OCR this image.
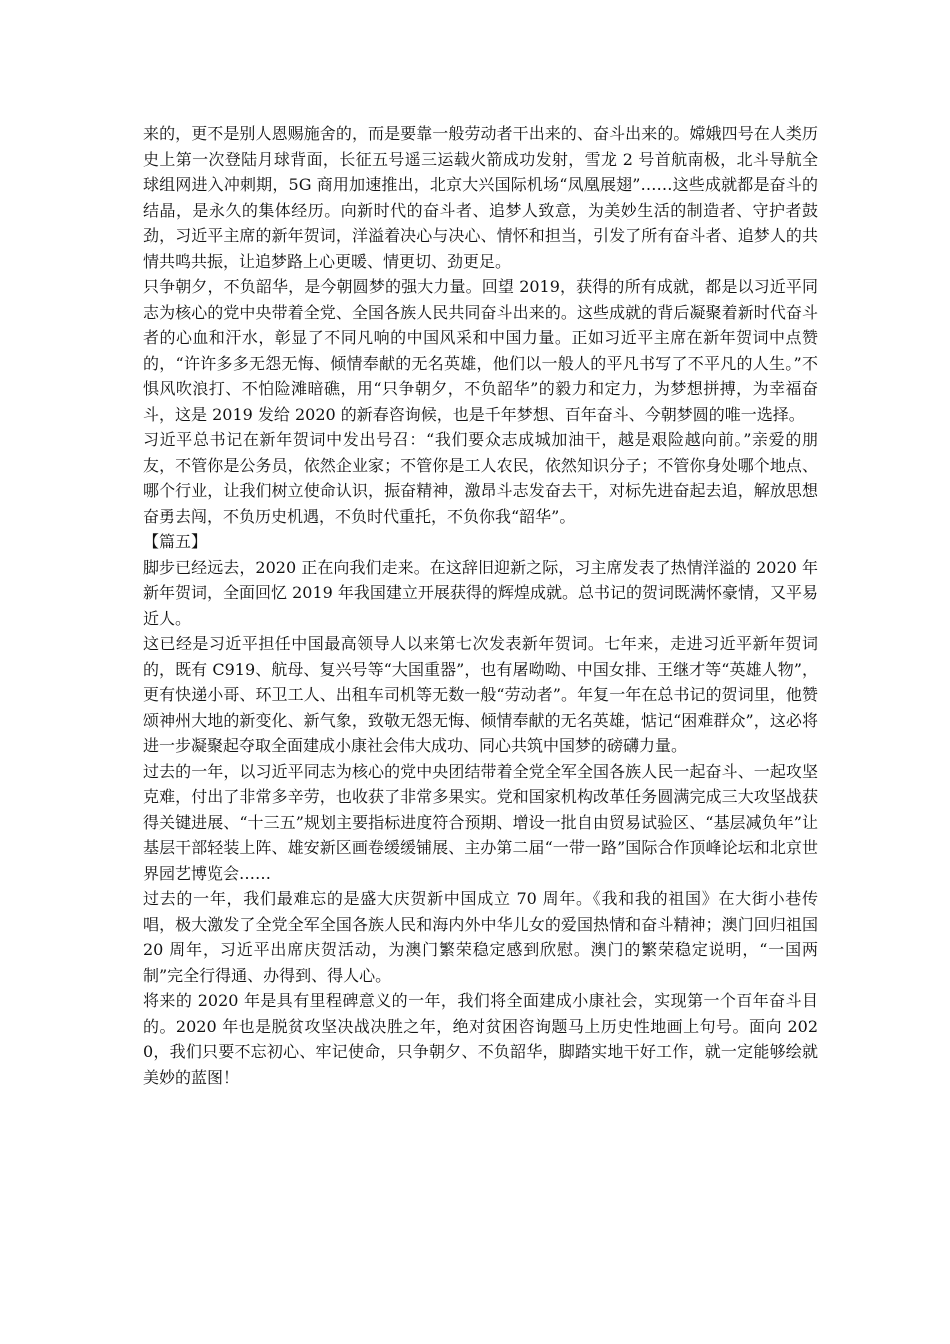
来的，更不是别人恩赐施舍的，而是要靠一般劳动者干出来的、奋斗出来的。嫦娥四号在人类历史上第一次登陆月球背面，长征五号遥三运载火箭成功发射，雪龙 2 号首航南极，北斗导航全球组网进入冲刺期，5G 商用加速推出，北京大兴国际机场“凤凰展翅”……这些成就都是奋斗的结晶，是永久的集体经历。向新时代的奋斗者、追梦人致意，为美妙生活的制造者、守护者鼓劲，习近平主席的新年贺词，洋溢着决心与决心、情怀和担当，引发了所有奋斗者、追梦人的共情共鸣共振，让追梦路上心更暖、情更切、劲更足。

只争朝夕，不负韶华，是今朝圆梦的强大力量。回望 2019，获得的所有成就，都是以习近平同志为核心的党中央带着全党、全国各族人民共同奋斗出来的。这些成就的背后凝聚着新时代奋斗者的心血和汗水，彰显了不同凡响的中国风采和中国力量。正如习近平主席在新年贺词中点赞的，“许许多多无怨无悔、倾情奉献的无名英雄，他们以一般人的平凡书写了不平凡的人生。”不惧风吹浪打、不怕险滩暗礁，用“只争朝夕，不负韶华”的毅力和定力，为梦想拼搏，为幸福奋斗，这是 2019 发给 2020 的新春咨询候，也是千年梦想、百年奋斗、今朝梦圆的唯一选择。

习近平总书记在新年贺词中发出号召：“我们要众志成城加油干，越是艰险越向前。”亲爱的朋友，不管你是公务员，依然企业家；不管你是工人农民，依然知识分子；不管你身处哪个地点、哪个行业，让我们树立使命认识，振奋精神，激昂斗志发奋去干，对标先进奋起去追，解放思想奋勇去闯，不负历史机遇，不负时代重托，不负你我“韶华”。

【篇五】

脚步已经远去，2020 正在向我们走来。在这辞旧迎新之际，习主席发表了热情洋溢的 2020 年新年贺词，全面回忆 2019 年我国建立开展获得的辉煌成就。总书记的贺词既满怀豪情，又平易近人。

这已经是习近平担任中国最高领导人以来第七次发表新年贺词。七年来，走进习近平新年贺词的，既有 C919、航母、复兴号等“大国重器”，也有屠呦呦、中国女排、王继才等“英雄人物”，更有快递小哥、环卫工人、出租车司机等无数一般“劳动者”。年复一年在总书记的贺词里，他赞颂神州大地的新变化、新气象，致敬无怨无悔、倾情奉献的无名英雄，惦记“困难群众”，这必将进一步凝聚起夺取全面建成小康社会伟大成功、同心共筑中国梦的磅礴力量。

过去的一年，以习近平同志为核心的党中央团结带着全党全军全国各族人民一起奋斗、一起攻坚克难，付出了非常多辛劳，也收获了非常多果实。党和国家机构改革任务圆满完成三大攻坚战获得关键进展、“十三五”规划主要指标进度符合预期、增设一批自由贸易试验区、“基层减负年”让基层干部轻装上阵、雄安新区画卷缓缓铺展、主办第二届“一带一路”国际合作顶峰论坛和北京世界园艺博览会……

过去的一年，我们最难忘的是盛大庆贺新中国成立 70 周年。《我和我的祖国》在大街小巷传唱，极大激发了全党全军全国各族人民和海内外中华儿女的爱国热情和奋斗精神；澳门回归祖国 20 周年，习近平出席庆贺活动，为澳门繁荣稳定感到欣慰。澳门的繁荣稳定说明，“一国两制”完全行得通、办得到、得人心。

将来的 2020 年是具有里程碑意义的一年，我们将全面建成小康社会，实现第一个百年奋斗目的。2020 年也是脱贫攻坚决战决胜之年，绝对贫困咨询题马上历史性地画上句号。面向 2020，我们只要不忘初心、牢记使命，只争朝夕、不负韶华，脚踏实地干好工作，就一定能够绘就美妙的蓝图！
